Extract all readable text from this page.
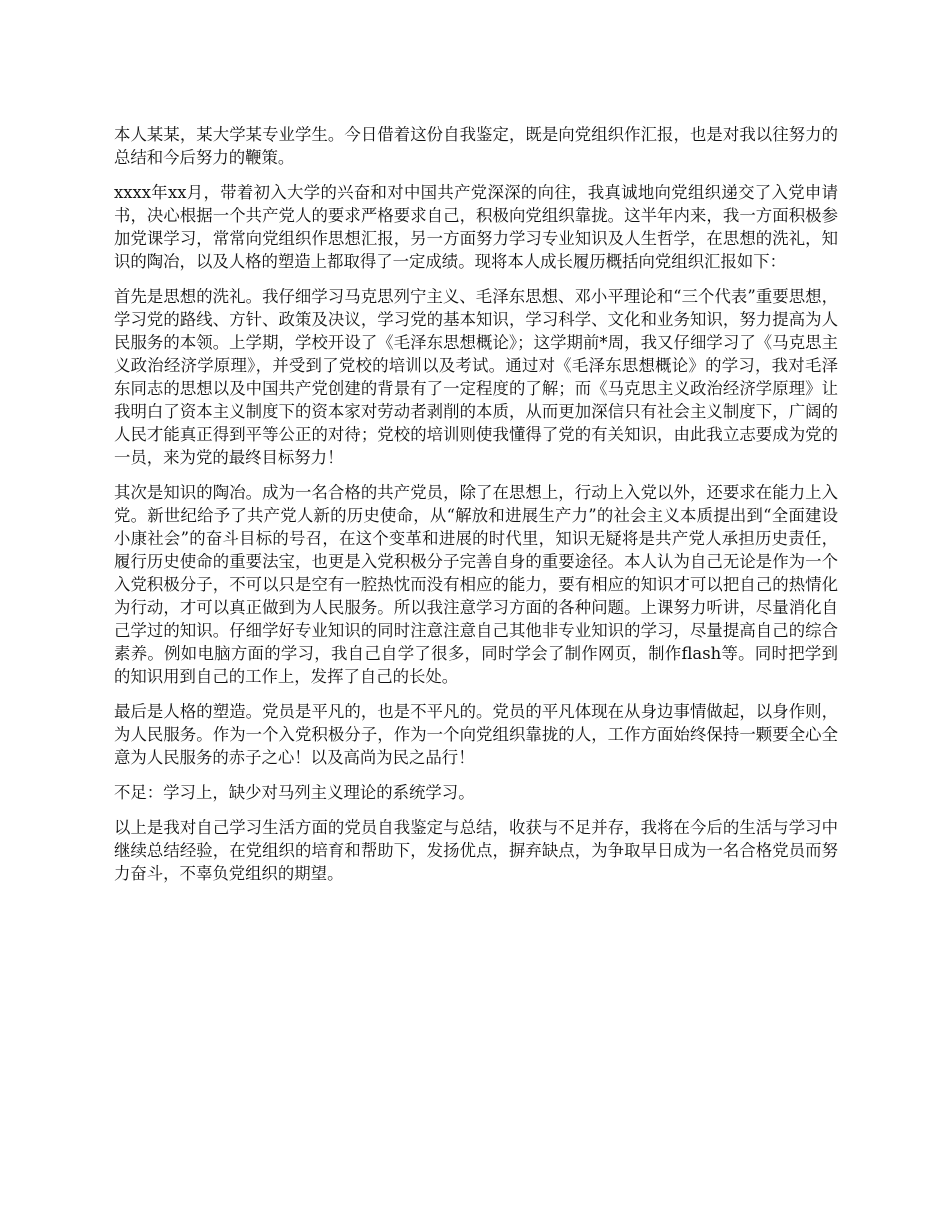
本人某某，某大学某专业学生。今日借着这份自我鉴定，既是向党组织作汇报，也是对我以往努力的总结和今后努力的鞭策。

xxxx年xx月，带着初入大学的兴奋和对中国共产党深深的向往，我真诚地向党组织递交了入党申请书，决心根据一个共产党人的要求严格要求自己，积极向党组织靠拢。这半年内来，我一方面积极参加党课学习，常常向党组织作思想汇报，另一方面努力学习专业知识及人生哲学，在思想的洗礼，知识的陶冶，以及人格的塑造上都取得了一定成绩。现将本人成长履历概括向党组织汇报如下：

首先是思想的洗礼。我仔细学习马克思列宁主义、毛泽东思想、邓小平理论和“三个代表”重要思想，学习党的路线、方针、政策及决议，学习党的基本知识，学习科学、文化和业务知识，努力提高为人民服务的本领。上学期，学校开设了《毛泽东思想概论》；这学期前*周，我又仔细学习了《马克思主义政治经济学原理》，并受到了党校的培训以及考试。通过对《毛泽东思想概论》的学习，我对毛泽东同志的思想以及中国共产党创建的背景有了一定程度的了解；而《马克思主义政治经济学原理》让我明白了资本主义制度下的资本家对劳动者剥削的本质，从而更加深信只有社会主义制度下，广阔的人民才能真正得到平等公正的对待；党校的培训则使我懂得了党的有关知识，由此我立志要成为党的一员，来为党的最终目标努力！

其次是知识的陶冶。成为一名合格的共产党员，除了在思想上，行动上入党以外，还要求在能力上入党。新世纪给予了共产党人新的历史使命，从“解放和进展生产力”的社会主义本质提出到“全面建设小康社会”的奋斗目标的号召，在这个变革和进展的时代里，知识无疑将是共产党人承担历史责任，履行历史使命的重要法宝，也更是入党积极分子完善自身的重要途径。本人认为自己无论是作为一个入党积极分子，不可以只是空有一腔热忱而没有相应的能力，要有相应的知识才可以把自己的热情化为行动，才可以真正做到为人民服务。所以我注意学习方面的各种问题。上课努力听讲，尽量消化自己学过的知识。仔细学好专业知识的同时注意注意自己其他非专业知识的学习，尽量提高自己的综合素养。例如电脑方面的学习，我自己自学了很多，同时学会了制作网页，制作flash等。同时把学到的知识用到自己的工作上，发挥了自己的长处。

最后是人格的塑造。党员是平凡的，也是不平凡的。党员的平凡体现在从身边事情做起，以身作则，为人民服务。作为一个入党积极分子，作为一个向党组织靠拢的人，工作方面始终保持一颗要全心全意为人民服务的赤子之心！以及高尚为民之品行！

不足：学习上，缺少对马列主义理论的系统学习。

以上是我对自己学习生活方面的党员自我鉴定与总结，收获与不足并存，我将在今后的生活与学习中继续总结经验，在党组织的培育和帮助下，发扬优点，摒弃缺点，为争取早日成为一名合格党员而努力奋斗，不辜负党组织的期望。
